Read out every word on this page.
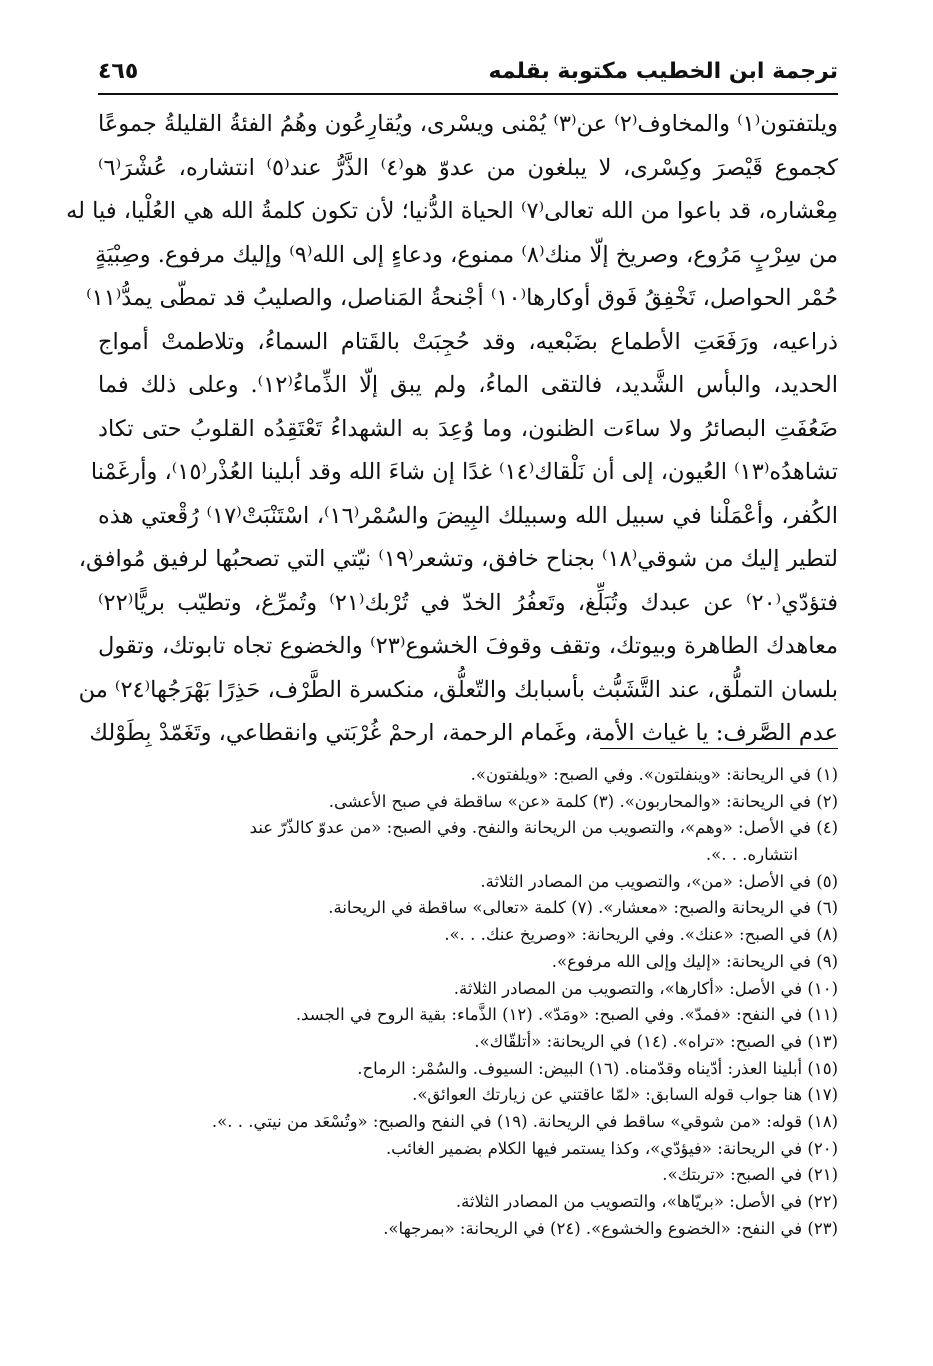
ترجمة ابن الخطيب مكتوبة بقلمه
٤٦٥
ويلتفتون⁽١⁾ والمخاوف⁽٢⁾ عن⁽٣⁾ يُمْنى ويسْرى، ويُقارِعُون وهُمُ الفئةُ القليلةُ جموعًا
كجموع قَيْصرَ وكِسْرى، لا يبلغون من عدوّ هو⁽٤⁾ الذَّرُّ عند⁽٥⁾ انتشاره، عُشْرَ⁽٦⁾
مِعْشاره، قد باعوا من الله تعالى⁽٧⁾ الحياة الدُّنيا؛ لأن تكون كلمةُ الله هي العُلْيا، فيا له
من سِرْبٍ مَرُوع، وصريخ إلّا منك⁽٨⁾ ممنوع، ودعاءٍ إلى الله⁽٩⁾ وإليك مرفوع. وصِبْيَةٍ
حُمْر الحواصل، تَخْفِقُ فَوق أوكارها⁽١٠⁾ أجْنحةُ المَناصل، والصليبُ قد تمطّى يمدُّ⁽١١⁾
ذراعيه، ورَفَعَتِ الأطماع بضَبْعيه، وقد حُجِبَتْ بالقَتام السماءُ، وتلاطمتْ أمواج
الحديد، والبأس الشَّديد، فالتقى الماءُ، ولم يبق إلّا الذِّماءُ⁽١٢⁾. وعلى ذلك فما
ضَعُفَتِ البصائرُ ولا ساءَت الظنون، وما وُعِدَ به الشهداءُ تَعْتَقِدُه القلوبُ حتى تكاد
تشاهدُه⁽١٣⁾ العُيون، إلى أن نَلْقاك⁽١٤⁾ غدًا إن شاءَ الله وقد أبلينا العُذْر⁽١٥⁾، وأرغَمْنا
الكُفر، وأعْمَلْنا في سبيل الله وسبيلك البِيضَ والسُمْر⁽١٦⁾، اسْتَنْبَتْ⁽١٧⁾ رُقْعتي هذه
لتطير إليك من شوقي⁽١٨⁾ بجناح خافق، وتشعر⁽١٩⁾ نيّتي التي تصحبُها لرفيق مُوافق،
فتؤدّي⁽٢٠⁾ عن عبدك وتُبَلِّغ، وتَعفُرُ الخدّ في تُرْبك⁽٢١⁾ وتُمرِّغ، وتطيّب بريًّا⁽٢٢⁾
معاهدك الطاهرة وبيوتك، وتقف وقوفَ الخشوع⁽٢٣⁾ والخضوع تجاه تابوتك، وتقول
بلسان التملُّق، عند التَّشَبُّث بأسبابك والتّعلُّق، منكسرة الطَّرْف، حَذِرًا بَهْرَجُها⁽٢٤⁾ من
عدم الصَّرف: يا غياث الأمة، وغَمام الرحمة، ارحمْ غُرْبَتي وانقطاعي، وتَغَمّدْ بِطَوْلك
(١) في الريحانة: «وينفلتون». وفي الصبح: «ويلفتون».
(٢) في الريحانة: «والمحاربون». (٣) كلمة «عن» ساقطة في صبح الأعشى.
(٤) في الأصل: «وهم»، والتصويب من الريحانة والنفح. وفي الصبح: «من عدوّ كالذّرّ عند
انتشاره. . .».
(٥) في الأصل: «من»، والتصويب من المصادر الثلاثة.
(٦) في الريحانة والصبح: «معشار». (٧) كلمة «تعالى» ساقطة في الريحانة.
(٨) في الصبح: «عنك». وفي الريحانة: «وصريخ عنك. . .».
(٩) في الريحانة: «إليك وإلى الله مرفوع».
(١٠) في الأصل: «أكارها»، والتصويب من المصادر الثلاثة.
(١١) في النفح: «فمدّ». وفي الصبح: «ومَدّ». (١٢) الذَّماء: بقية الروح في الجسد.
(١٣) في الصبح: «تراه». (١٤) في الريحانة: «أتلقّاك».
(١٥) أبلينا العذر: أدّيناه وقدّمناه. (١٦) البيض: السيوف. والسُمْر: الرماح.
(١٧) هنا جواب قوله السابق: «لمّا عاقتني عن زيارتك العوائق».
(١٨) قوله: «من شوقي» ساقط في الريحانة. (١٩) في النفح والصبح: «وتُسْعَد من نيتي. . .».
(٢٠) في الريحانة: «فيؤدّي»، وكذا يستمر فيها الكلام بضمير الغائب.
(٢١) في الصبح: «تربتك».
(٢٢) في الأصل: «بريّاها»، والتصويب من المصادر الثلاثة.
(٢٣) في النفح: «الخضوع والخشوع». (٢٤) في الريحانة: «بمرجها».
